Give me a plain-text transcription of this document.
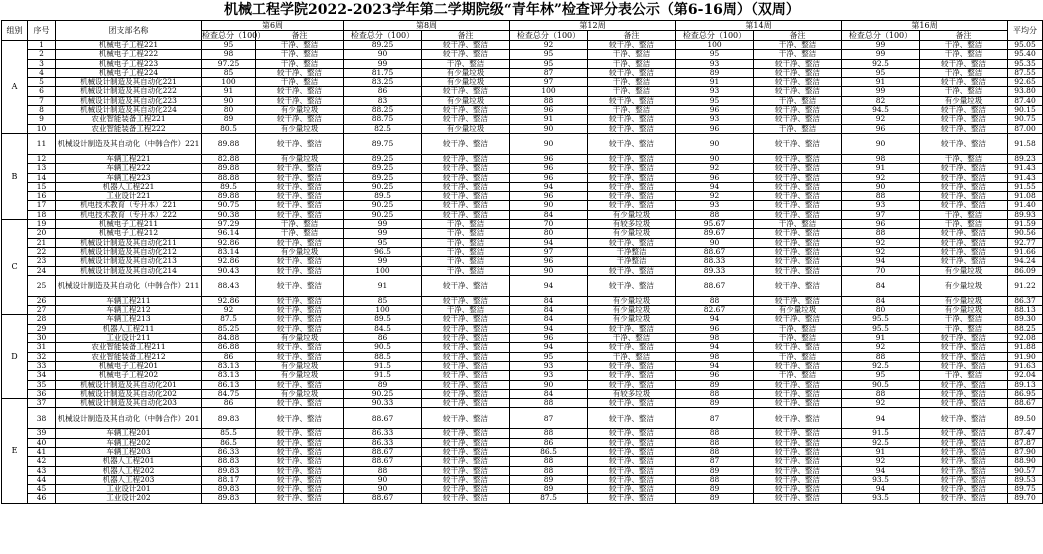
机械工程学院2022-2023学年第二学期院级“青年林”检查评分表公示（第6-16周）（双周）
组别	序号	团支部名称	第6周		第8周		第12周		第14周		第16周		平均分
			检查总分（100）	备注	检查总分（100）	备注	检查总分（100）	备注	检查总分（100）	备注	检查总分（100）	备注	
A	1	机械电子工程221	95	干净、整洁	89.25	较干净、整洁	92	较干净、整洁	100	干净、整洁	99	干净、整洁	95.05
	2	机械电子工程222	98	干净、整洁	90	较干净、整洁	95	干净、整洁	95	干净、整洁	99	干净、整洁	95.40
	3	机械电子工程223	97.25	干净、整洁	99	干净、整洁	95	干净、整洁	93	较干净、整洁	92.5	较干净、整洁	95.35
	4	机械电子工程224	85	较干净、整洁	81.75	有少量垃圾	87	较干净、整洁	89	较干净、整洁	95	干净、整洁	87.55
	5	机械设计制造及其自动化221	100	干净、整洁	83.25	有少量垃圾	97	干净、整洁	91	较干净、整洁	91	较干净、整洁	92.65
	6	机械设计制造及其自动化222	91	较干净、整洁	86	较干净、整洁	100	干净、整洁	93	较干净、整洁	99	干净、整洁	93.80
	7	机械设计制造及其自动化223	90	较干净、整洁	83	有少量垃圾	88	较干净、整洁	95	干净、整洁	82	有少量垃圾	87.40
	8	机械设计制造及其自动化224	80	有少量垃圾	88.25	较干净、整洁	96	干净、整洁	96	较干净、整洁	94.5	较干净、整洁	90.15
	9	农业智能装备工程221	89	较干净、整洁	88.75	较干净、整洁	91	较干净、整洁	93	较干净、整洁	92	较干净、整洁	90.75
	10	农业智能装备工程222	80.5	有少量垃圾	82.5	有少量垃圾	90	较干净、整洁	96	干净、整洁	96	较干净、整洁	87.00
B	11	机械设计制造及其自动化（中韩合作）221	89.88	较干净、整洁	89.75	较干净、整洁	90	较干净、整洁	90	较干净、整洁	90	较干净、整洁	91.58
	12	车辆工程221	82.88	有少量垃圾	89.25	较干净、整洁	96	较干净、整洁	90	较干净、整洁	98	干净、整洁	89.23
	13	车辆工程222	89.88	较干净、整洁	89.25	较干净、整洁	96	较干净、整洁	92	较干净、整洁	91	较干净、整洁	91.43
	14	车辆工程223	88.88	较干净、整洁	89.25	较干净、整洁	96	较干净、整洁	96	较干净、整洁	92	较干净、整洁	91.43
	15	机器人工程221	89.5	较干净、整洁	90.25	较干净、整洁	94	较干净、整洁	94	较干净、整洁	90	较干净、整洁	91.55
	16	工业设计221	89.88	较干净、整洁	89.5	较干净、整洁	96	较干净、整洁	92	较干净、整洁	88	较干净、整洁	91.08
	17	机电技术教育（专升本）221	90.75	较干净、整洁	90.25	较干净、整洁	90	较干净、整洁	93	较干净、整洁	93	较干净、整洁	91.40
	18	机电技术教育（专升本）222	90.38	较干净、整洁	90.25	较干净、整洁	84	有少量垃圾	88	较干净、整洁	97	干净、整洁	89.93
C	19	机械电子工程211	97.29	干净、整洁	99	干净、整洁	70	有较多垃圾	95.67	干净、整洁	96	干净、整洁	91.59
	20	机械电子工程212	96.14	干净、整洁	99	干净、整洁	80	有少量垃圾	89.67	较干净、整洁	88	较干净、整洁	90.56
	21	机械设计制造及其自动化211	92.86	较干净、整洁	95	干净、整洁	94	较干净、整洁	90	较干净、整洁	92	较干净、整洁	92.77
	22	机械设计制造及其自动化212	83.14	有少量垃圾	96.5	干净、整洁	97	干净整洁	88.67	较干净、整洁	92	较干净、整洁	91.66
	23	机械设计制造及其自动化213	92.86	较干净、整洁	99	干净、整洁	96	干净整洁	88.33	较干净、整洁	94	较干净、整洁	94.24
	24	机械设计制造及其自动化214	90.43	较干净、整洁	100	干净、整洁	90	较干净、整洁	89.33	较干净、整洁	70	有少量垃圾	86.09
	25	机械设计制造及其自动化（中韩合作）211	88.43	较干净、整洁	91	较干净、整洁	94	较干净、整洁	88.67	较干净、整洁	84	有少量垃圾	91.22
	26	车辆工程211	92.86	较干净、整洁	85	较干净、整洁	84	有少量垃圾	88	较干净、整洁	84	有少量垃圾	86.37
	27	车辆工程212	92	较干净、整洁	100	干净、整洁	84	有少量垃圾	82.67	有少量垃圾	80	有少量垃圾	88.13
D	28	车辆工程213	87.5	较干净、整洁	89.5	较干净、整洁	84	有少量垃圾	94	较干净、整洁	95.5	干净、整洁	89.30
	29	机器人工程211	85.25	较干净、整洁	84.5	较干净、整洁	94	较干净、整洁	96	干净、整洁	95.5	干净、整洁	88.25
	30	工业设计211	84.88	有少量垃圾	86	较干净、整洁	96	干净、整洁	98	干净、整洁	91	较干净、整洁	92.08
	31	农业智能装备工程211	86.88	较干净、整洁	90.5	较干净、整洁	94	较干净、整洁	94	较干净、整洁	92	较干净、整洁	91.88
	32	农业智能装备工程212	86	较干净、整洁	88.5	较干净、整洁	95	干净、整洁	98	干净、整洁	88	较干净、整洁	91.90
	33	机械电子工程201	83.13	有少量垃圾	91.5	较干净、整洁	93	较干净、整洁	94	较干净、整洁	92.5	较干净、整洁	91.63
	34	机械电子工程202	83.13	有少量垃圾	91.5	较干净、整洁	93	较干净、整洁	96	干净、整洁	95	干净、整洁	92.04
	35	机械设计制造及其自动化201	86.13	较干净、整洁	89	较干净、整洁	90	较干净、整洁	89	较干净、整洁	90.5	较干净、整洁	89.13
	36	机械设计制造及其自动化202	84.75	有少量垃圾	90.25	较干净、整洁	84	有较多垃圾	88	较干净、整洁	88	较干净、整洁	86.95
E	37	机械设计制造及其自动化203	86	较干净、整洁	90.33	较干净、整洁	88	较干净、整洁	89	较干净、整洁	92	较干净、整洁	88.67
	38	机械设计制造及其自动化（中韩合作）201	89.83	较干净、整洁	88.67	较干净、整洁	87	较干净、整洁	87	较干净、整洁	94	较干净、整洁	89.50
	39	车辆工程201	85.5	较干净、整洁	86.33	较干净、整洁	88	较干净、整洁	88	较干净、整洁	91.5	较干净、整洁	87.47
	40	车辆工程202	86.5	较干净、整洁	86.33	较干净、整洁	86	较干净、整洁	88	较干净、整洁	92.5	较干净、整洁	87.87
	41	车辆工程203	86.33	较干净、整洁	88.67	较干净、整洁	86.5	较干净、整洁	88	较干净、整洁	91	较干净、整洁	87.90
	42	机器人工程201	88.83	较干净、整洁	88.67	较干净、整洁	88	较干净、整洁	87	较干净、整洁	92	较干净、整洁	88.90
	43	机器人工程202	89.83	较干净、整洁	88	较干净、整洁	88	较干净、整洁	89	较干净、整洁	94	较干净、整洁	90.57
	44	机器人工程203	88.17	较干净、整洁	90	较干净、整洁	89	较干净、整洁	88	较干净、整洁	93.5	较干净、整洁	89.53
	45	工业设计201	89.83	较干净、整洁	90	较干净、整洁	89	较干净、整洁	89	较干净、整洁	94	较干净、整洁	89.75
	46	工业设计202	89.83	较干净、整洁	88.67	较干净、整洁	87.5	较干净、整洁	89	较干净、整洁	93.5	较干净、整洁	89.70
